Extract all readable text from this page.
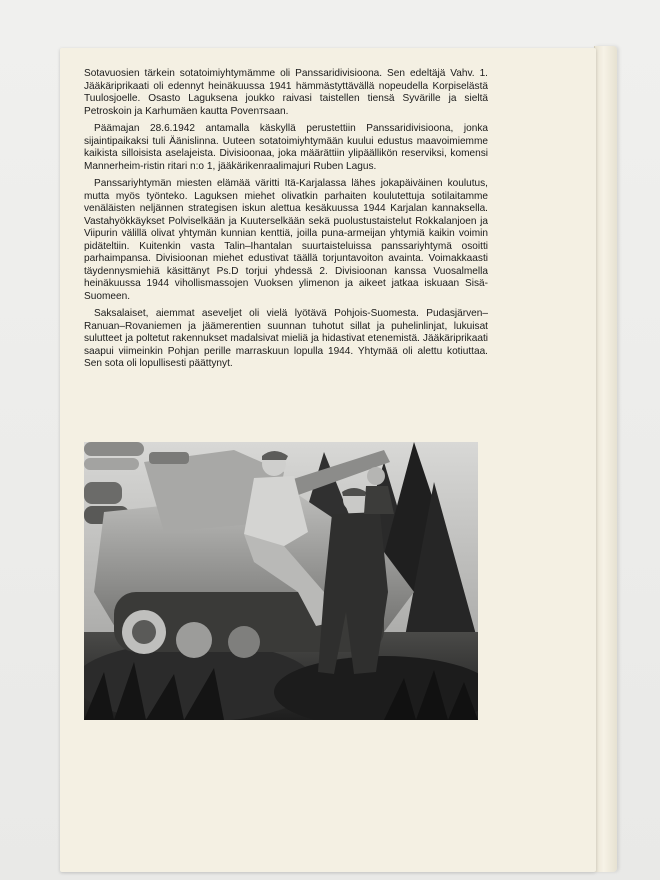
Sotavuosien tärkein sotatoimiyhtymämme oli Panssaridivisioona. Sen edeltäjä Vahv. 1. Jääkäriprikaati oli edennyt heinäkuussa 1941 hämmästyttävällä nopeudella Korpiselästä Tuulosjoelle. Osasto Laguksena joukko raivasi taistellen tiensä Syvärille ja sieltä Petroskoin ja Karhumäen kautta Povenтsaan.

Päämajan 28.6.1942 antamalla käskyllä perustettiin Panssaridivisioona, jonka sijaintipaikaksi tuli Äänislinna. Uuteen sotatoimiyhtymään kuului edustus maavoimiemme kaikista silloisista aselajeista. Divisioonaa, joka määrättiin ylipäällikön reserviksi, komensi Mannerheim-ristin ritari n:o 1, jääkärikenraalimajuri Ruben Lagus.

Panssariyhtymän miesten elämää väritti Itä-Karjalassa lähes jokapäiväinen koulutus, mutta myös työnteko. Laguksen miehet olivatkin parhaiten koulutettuja sotilaitamme venäläisten neljännen strategisen iskun alettua kesäkuussa 1944 Karjalan kannaksella. Vastahyökkäykset Polviselkään ja Kuuterselkään sekä puolustustaistelut Rokkalanjoen ja Viipurin välillä olivat yhtymän kunnian kenttiä, joilla puna-armeijan yhtymiä kaikin voimin pidäteltiin. Kuitenkin vasta Talin–Ihantalan suurtaisteluissa panssariyhtymä osoitti parhaimpansa. Divisioonan miehet edustivat täällä torjuntavoiton avainta. Voimakkaasti täydennysmiehiä käsittänyt Ps.D torjui yhdessä 2. Divisioonan kanssa Vuosalmella heinäkuussa 1944 vihollismassojen Vuoksen ylimenon ja aikeet jatkaa iskuaan Sisä-Suomeen.

Saksalaiset, aiemmat aseveljet oli vielä lyötävä Pohjois-Suomesta. Pudasjärven–Ranuan–Rovaniemen ja jäämerentien suunnan tuhotut sillat ja puhelinlinjat, lukuisat sulutteet ja poltetut rakennukset madalsivat mieliä ja hidastivat etenemistä. Jääkäriprikaati saapui viimeinkin Pohjan perille marraskuun lopulla 1944. Yhtymää oli alettu kotiuttaa. Sen sota oli lopullisesti päättynyt.
